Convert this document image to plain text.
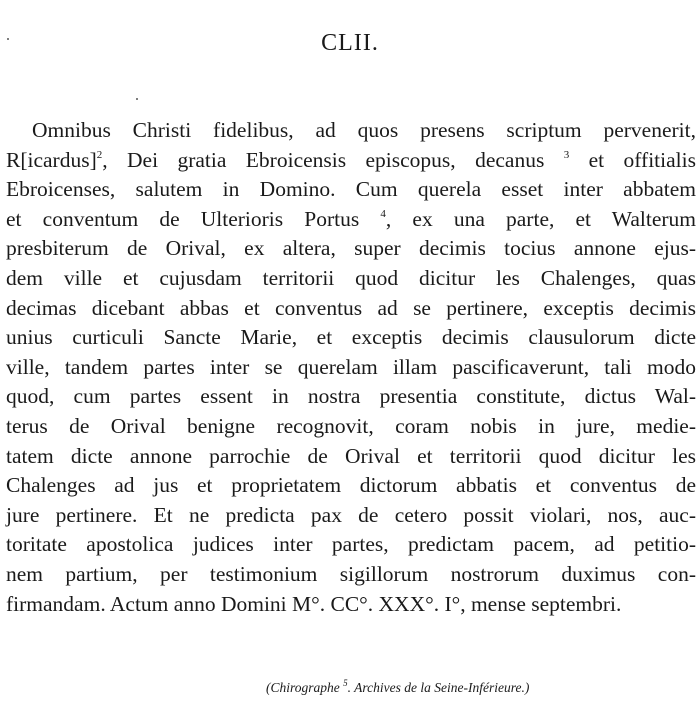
CLII.
Omnibus Christi fidelibus, ad quos presens scriptum pervenerit,
R[icardus]$^2$, Dei gratia Ebroicensis episcopus, decanus $^3$ et offitialis
Ebroicenses, salutem in Domino. Cum querela esset inter abbatem
et conventum de Ulterioris Portus $^4$, ex una parte, et Walterum
presbiterum de Orival, ex altera, super decimis tocius annone ejus-
dem ville et cujusdam territorii quod dicitur les Chalenges, quas
decimas dicebant abbas et conventus ad se pertinere, exceptis decimis
unius curticuli Sancte Marie, et exceptis decimis clausulorum dicte
ville, tandem partes inter se querelam illam pascificaverunt, tali modo
quod, cum partes essent in nostra presentia constitute, dictus Wal-
terus de Orival benigne recognovit, coram nobis in jure, medie-
tatem dicte annone parrochie de Orival et territorii quod dicitur les
Chalenges ad jus et proprietatem dictorum abbatis et conventus de
jure pertinere. Et ne predicta pax de cetero possit violari, nos, auc-
toritate apostolica judices inter partes, predictam pacem, ad petitio-
nem partium, per testimonium sigillorum nostrorum duximus con-
firmandam. Actum anno Domini M°. CC°. XXX°. I°, mense septembri.
(Chirographe $^5$. Archives de la Seine-Inférieure.)
